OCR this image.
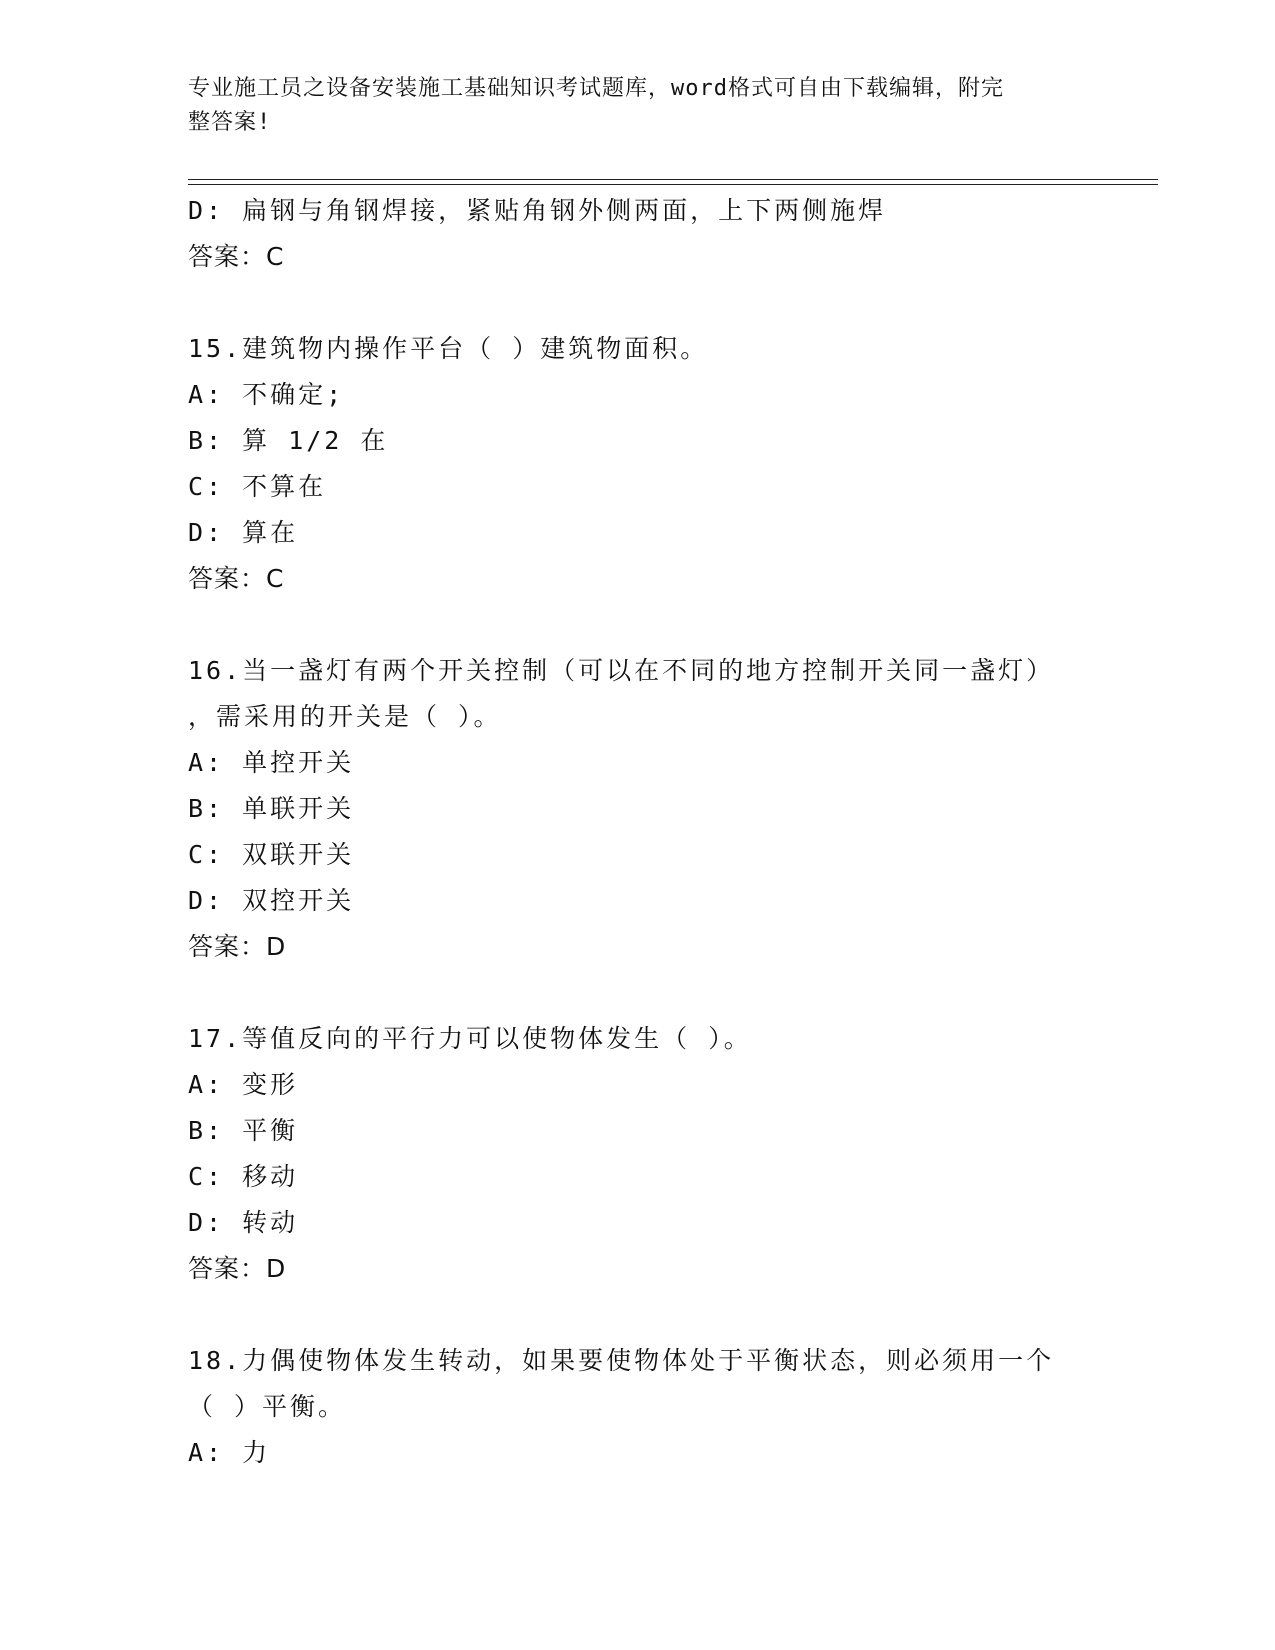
专业施工员之设备安装施工基础知识考试题库，word格式可自由下载编辑，附完
整答案!
D: 扁钢与角钢焊接，紧贴角钢外侧两面，上下两侧施焊
答案：C
15.建筑物内操作平台（ ）建筑物面积。
A: 不确定;
B: 算 1/2 在
C: 不算在
D: 算在
答案：C
16.当一盏灯有两个开关控制（可以在不同的地方控制开关同一盏灯）
，需采用的开关是（ ）。
A: 单控开关
B: 单联开关
C: 双联开关
D: 双控开关
答案：D
17.等值反向的平行力可以使物体发生（ ）。
A: 变形
B: 平衡
C: 移动
D: 转动
答案：D
18.力偶使物体发生转动，如果要使物体处于平衡状态，则必须用一个
（ ）平衡。
A: 力
